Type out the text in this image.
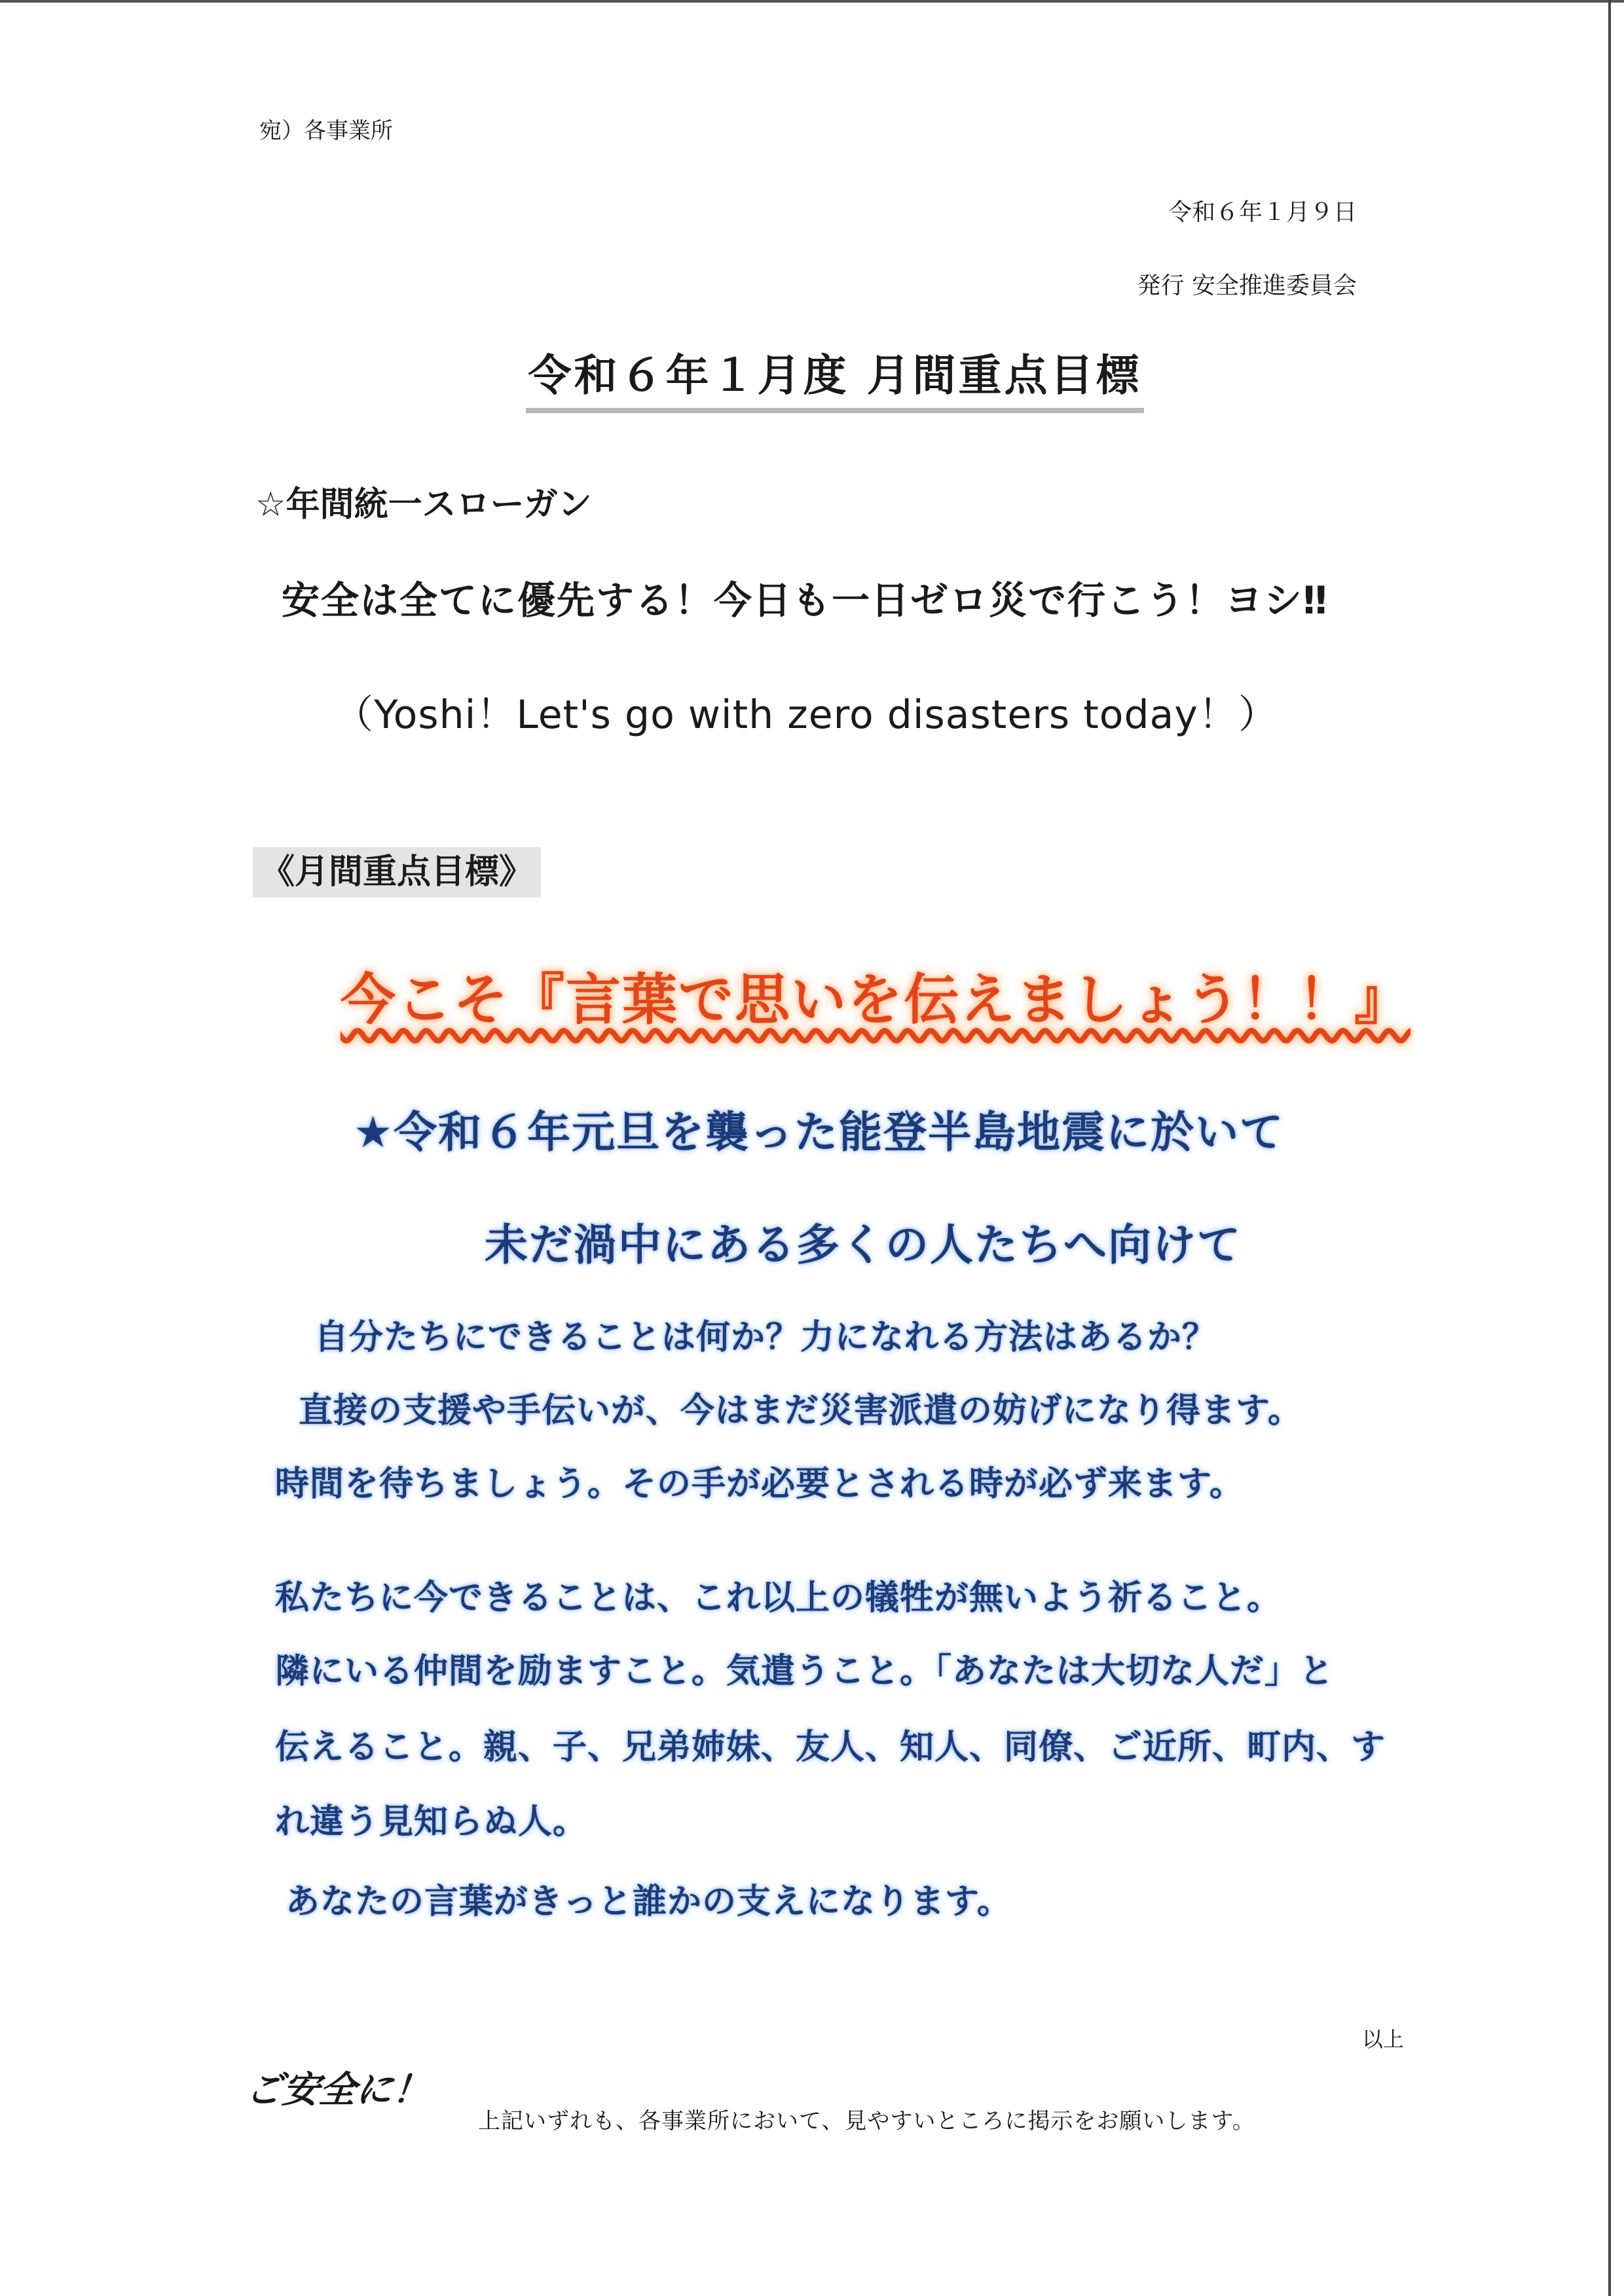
宛）各事業所
令和６年１月９日
発行 安全推進委員会
令和６年１月度 月間重点目標
☆年間統一スローガン
安全は全てに優先する！今日も一日ゼロ災で行こう！ヨシ‼
（Yoshi！Let's go with zero disasters today！）
《月間重点目標》
今こそ『言葉で思いを伝えましょう！！』
★令和６年元旦を襲った能登半島地震に於いて
未だ渦中にある多くの人たちへ向けて
自分たちにできることは何か？力になれる方法はあるか？
直接の支援や手伝いが、今はまだ災害派遣の妨げになり得ます。
時間を待ちましょう。その手が必要とされる時が必ず来ます。
私たちに今できることは、これ以上の犠牲が無いよう祈ること。
隣にいる仲間を励ますこと。気遣うこと。「あなたは大切な人だ」と
伝えること。親、子、兄弟姉妹、友人、知人、同僚、ご近所、町内、す
れ違う見知らぬ人。
あなたの言葉がきっと誰かの支えになります。
以上
ご安全に！
上記いずれも、各事業所において、見やすいところに掲示をお願いします。
